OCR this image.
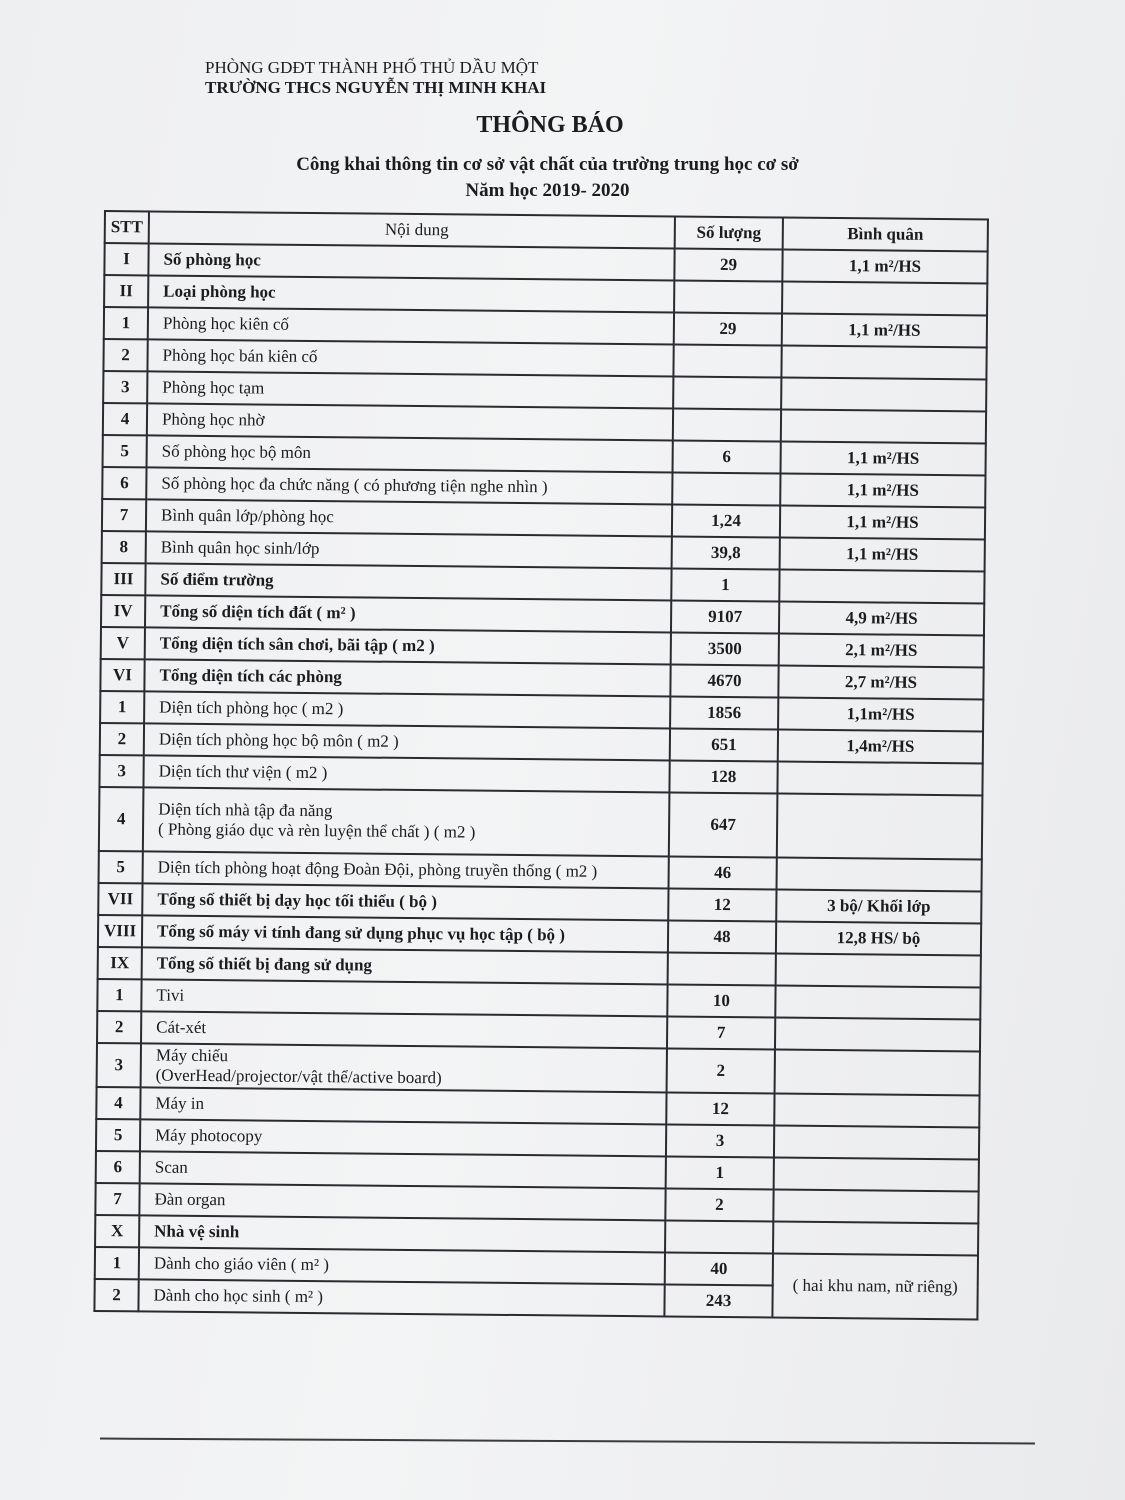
PHÒNG GDĐT THÀNH PHỐ THỦ DẦU MỘT
TRƯỜNG THCS NGUYỄN THỊ MINH KHAI
THÔNG BÁO
Công khai thông tin cơ sở vật chất của trường trung học cơ sở
Năm học 2019- 2020
STT	Nội dung	Số lượng	Bình quân
I	Số phòng học	29	1,1 m²/HS
II	Loại phòng học		
1	Phòng học kiên cố	29	1,1 m²/HS
2	Phòng học bán kiên cố		
3	Phòng học tạm		
4	Phòng học nhờ		
5	Số phòng học bộ môn	6	1,1 m²/HS
6	Số phòng học đa chức năng ( có phương tiện nghe nhìn )		1,1 m²/HS
7	Bình quân lớp/phòng học	1,24	1,1 m²/HS
8	Bình quân học sinh/lớp	39,8	1,1 m²/HS
III	Số điểm trường	1	
IV	Tổng số diện tích đất ( m² )	9107	4,9 m²/HS
V	Tổng diện tích sân chơi, bãi tập ( m2 )	3500	2,1 m²/HS
VI	Tổng diện tích các phòng	4670	2,7 m²/HS
1	Diện tích phòng học ( m2 )	1856	1,1m²/HS
2	Diện tích phòng học bộ môn ( m2 )	651	1,4m²/HS
3	Diện tích thư viện ( m2 )	128	
4	Diện tích nhà tập đa năng
( Phòng giáo dục và rèn luyện thể chất ) ( m2 )	647	
5	Diện tích phòng hoạt động Đoàn Đội, phòng truyền thống ( m2 )	46	
VII	Tổng số thiết bị dạy học tối thiểu ( bộ )	12	3 bộ/ Khối lớp
VIII	Tổng số máy vi tính đang sử dụng phục vụ học tập ( bộ )	48	12,8 HS/ bộ
IX	Tổng số thiết bị đang sử dụng		
1	Tivi	10	
2	Cát-xét	7	
3	Máy chiếu
(OverHead/projector/vật thể/active board)	2	
4	Máy in	12	
5	Máy photocopy	3	
6	Scan	1	
7	Đàn organ	2	
X	Nhà vệ sinh		
1	Dành cho giáo viên ( m² )	40	( hai khu nam, nữ riêng)
2	Dành cho học sinh ( m² )	243	
